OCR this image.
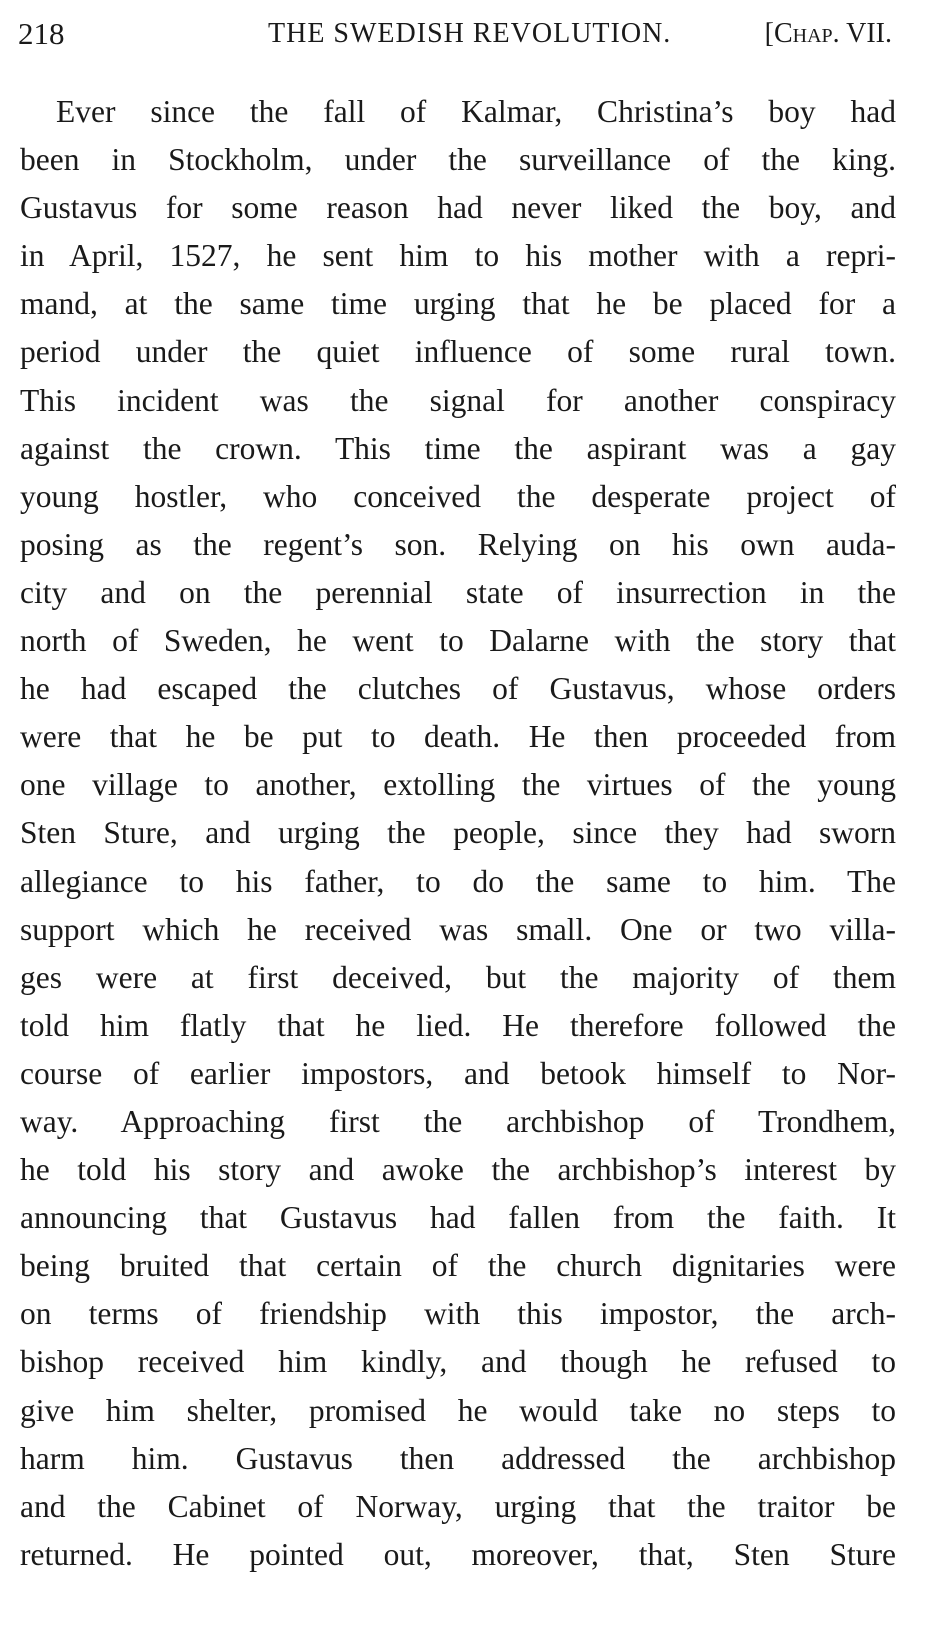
218	THE SWEDISH REVOLUTION.	[Chap. VII.
Ever since the fall of Kalmar, Christina’s boy had
been in Stockholm, under the surveillance of the king.
Gustavus for some reason had never liked the boy, and
in April, 1527, he sent him to his mother with a repri-
mand, at the same time urging that he be placed for a
period under the quiet influence of some rural town.
This incident was the signal for another conspiracy
against the crown. This time the aspirant was a gay
young hostler, who conceived the desperate project of
posing as the regent’s son. Relying on his own auda-
city and on the perennial state of insurrection in the
north of Sweden, he went to Dalarne with the story that
he had escaped the clutches of Gustavus, whose orders
were that he be put to death. He then proceeded from
one village to another, extolling the virtues of the young
Sten Sture, and urging the people, since they had sworn
allegiance to his father, to do the same to him. The
support which he received was small. One or two villa-
ges were at first deceived, but the majority of them
told him flatly that he lied. He therefore followed the
course of earlier impostors, and betook himself to Nor-
way. Approaching first the archbishop of Trondhem,
he told his story and awoke the archbishop’s interest by
announcing that Gustavus had fallen from the faith. It
being bruited that certain of the church dignitaries were
on terms of friendship with this impostor, the arch-
bishop received him kindly, and though he refused to
give him shelter, promised he would take no steps to
harm him. Gustavus then addressed the archbishop
and the Cabinet of Norway, urging that the traitor be
returned. He pointed out, moreover, that, Sten Sture
